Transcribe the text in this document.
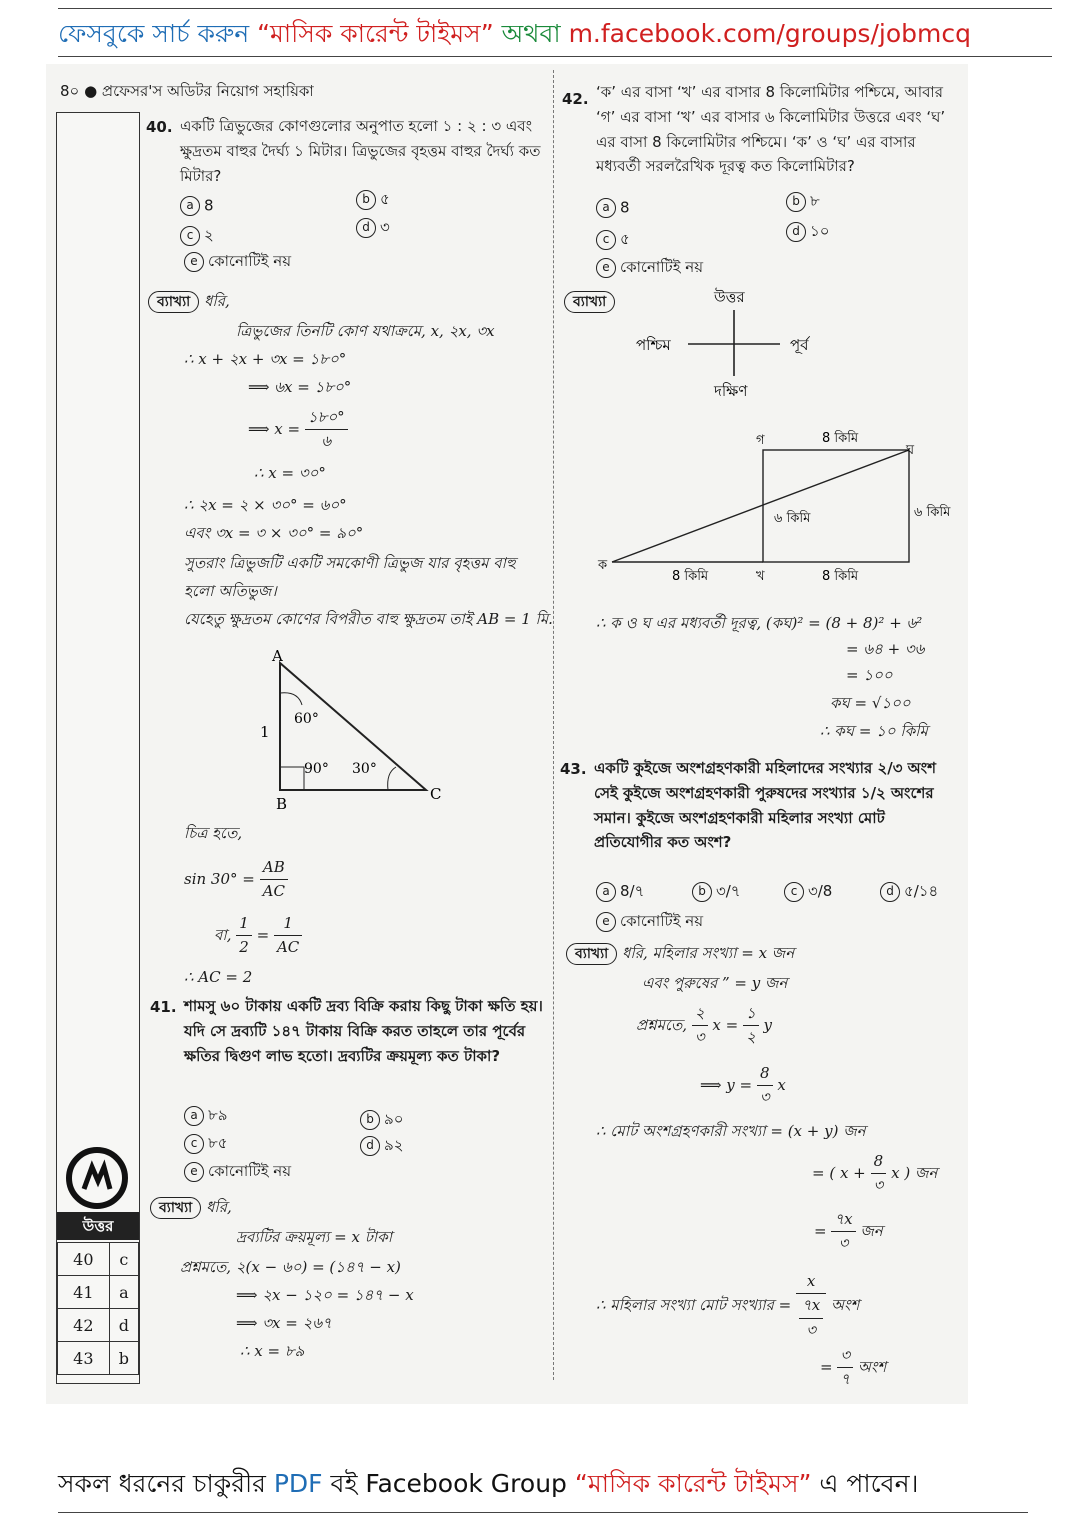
ফেসবুকে সার্চ করুন “মাসিক কারেন্ট টাইমস” অথবা m.facebook.com/groups/jobmcq
8০ ● প্রফেসর'স অডিটর নিয়োগ সহায়িকা
উত্তর
40	c
41	a
42	d
43	b
40. একটি ত্রিভুজের কোণগুলোর অনুপাত হলো ১ : ২ : ৩ এবং ক্ষুদ্রতম বাহুর দৈর্ঘ্য ১ মিটার। ত্রিভুজের বৃহত্তম বাহুর দৈর্ঘ্য কত মিটার?
a 8	b ৫
c ২	d ৩
e কোনোটিই নয়
ব্যাখ্যা ধরি,
ত্রিভুজের তিনটি কোণ যথাক্রমে, x, ২x, ৩x
∴ x + ২x + ৩x = ১৮০°
⟹ ৬x = ১৮০°
⟹ $x = \frac{১৮০^\circ}{৬}$
∴ x = ৩০°
∴ ২x = ২ × ৩০° = ৬০°
এবং ৩x = ৩ × ৩০° = ৯০°
সুতরাং ত্রিভুজটি একটি সমকোণী ত্রিভুজ যার বৃহত্তম বাহু
হলো অতিভুজ।
যেহেতু ক্ষুদ্রতম কোণের বিপরীত বাহু ক্ষুদ্রতম তাই AB = 1 মি.
A
B
C
1
60°
90° 30°
চিত্র হতে,
$\sin 30^\circ = \frac{AB}{AC}$
বা, $\frac{1}{2} = \frac{1}{AC}$
∴ AC = 2
41. শামসু ৬০ টাকায় একটি দ্রব্য বিক্রি করায় কিছু টাকা ক্ষতি হয়। যদি সে দ্রব্যটি ১৪৭ টাকায় বিক্রি করত তাহলে তার পূর্বের ক্ষতির দ্বিগুণ লাভ হতো। দ্রব্যটির ক্রয়মূল্য কত টাকা?
a ৮৯	b ৯০
c ৮৫	d ৯২
e কোনোটিই নয়
ব্যাখ্যা ধরি,
দ্রব্যটির ক্রয়মূল্য = x টাকা
প্রশ্নমতে, ২(x − ৬০) = (১৪৭ − x)
⟹ ২x − ১২০ = ১৪৭ − x
⟹ ৩x = ২৬৭
∴ x = ৮৯
42. ‘ক’ এর বাসা ‘খ’ এর বাসার 8 কিলোমিটার পশ্চিমে, আবার ‘গ’ এর বাসা ‘খ’ এর বাসার ৬ কিলোমিটার উত্তরে এবং ‘ঘ’ এর বাসা 8 কিলোমিটার পশ্চিমে। ‘ক’ ও ‘ঘ’ এর বাসার মধ্যবর্তী সরলরৈখিক দূরত্ব কত কিলোমিটার?
a 8	b ৮
c ৫	d ১০
e কোনোটিই নয়
ব্যাখ্যা	উত্তর
দক্ষিণ
পশ্চিম	পূর্ব
গ
ঘ
ক
খ
8 কিমি
৬ কিমি
৬ কিমি
8 কিমি	8 কিমি
∴ ক ও ঘ এর মধ্যবর্তী দূরত্ব, (কঘ)² = (8 + 8)² + ৬²
= ৬৪ + ৩৬
= ১০০
কঘ = √১০০
∴ কঘ = ১০ কিমি
43. একটি কুইজে অংশগ্রহণকারী মহিলাদের সংখ্যার ২/৩ অংশ সেই কুইজে অংশগ্রহণকারী পুরুষদের সংখ্যার ১/২ অংশের সমান। কুইজে অংশগ্রহণকারী মহিলার সংখ্যা মোট প্রতিযোগীর কত অংশ?
a 8/৭	b ৩/৭	c ৩/8	d ৫/১৪
e কোনোটিই নয়
ব্যাখ্যা ধরি, মহিলার সংখ্যা = x জন
এবং পুরুষের ” = y জন
প্রশ্নমতে, $\frac{২}{৩}$ $x = \frac{১}{২}$ y
⟹ $y = \frac{8}{৩}$ x
∴ মোট অংশগ্রহণকারী সংখ্যা = (x + y) জন
= ( $x + \frac{8}{৩}$ x ) জন
= $\frac{৭x}{৩}$ জন
∴ মহিলার সংখ্যা মোট সংখ্যার = $\frac{x}{\frac{৭x}{৩}}$ অংশ
= $\frac{৩}{৭}$ অংশ
সকল ধরনের চাকুরীর PDF বই Facebook Group “মাসিক কারেন্ট টাইমস” এ পাবেন।
